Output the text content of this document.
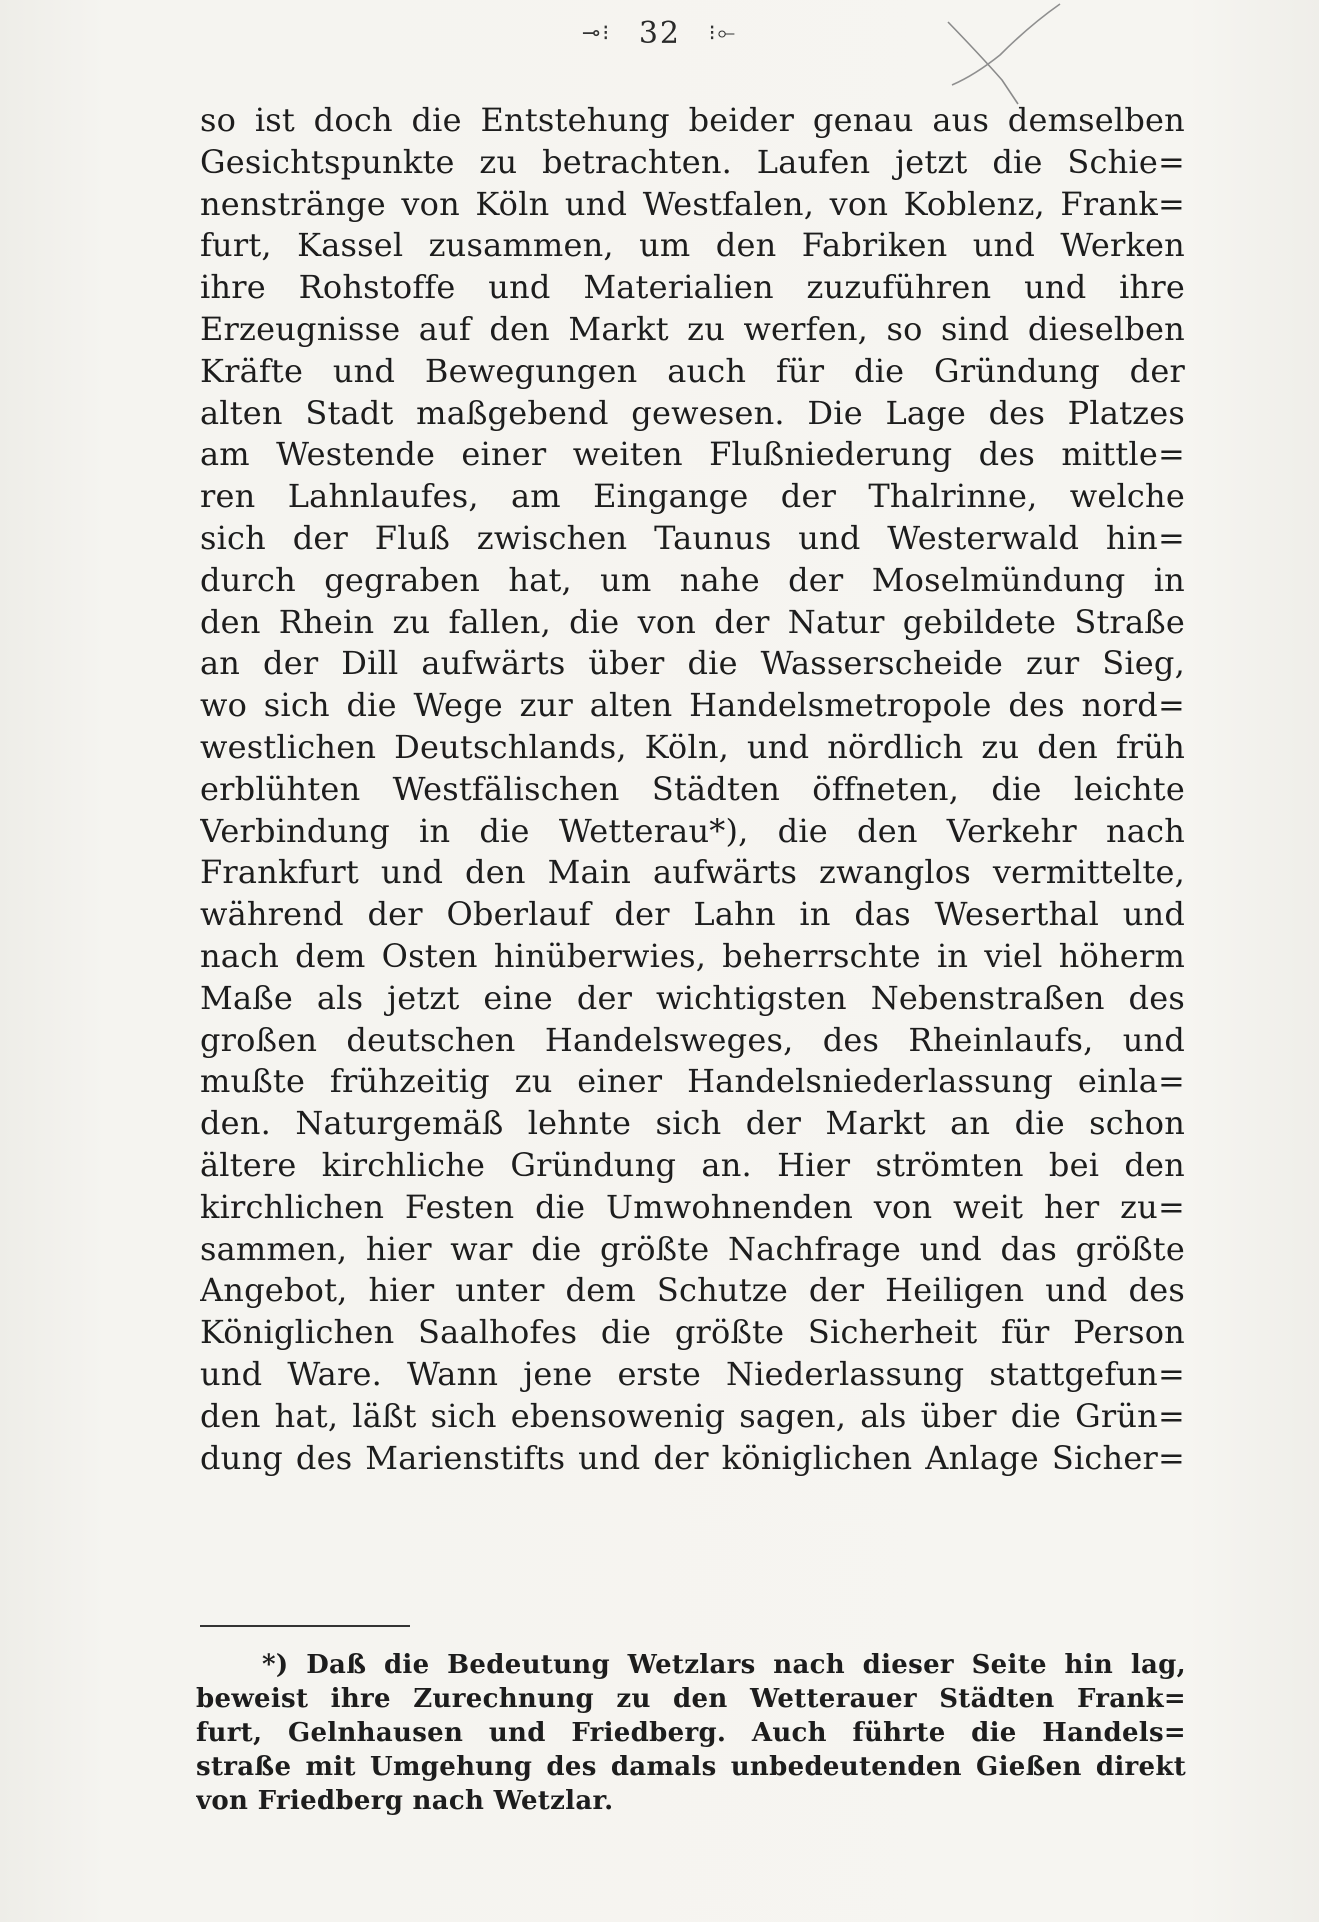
⊸⁝ 32 ⁝⟜
so ist doch die Entstehung beider genau aus demselben
Gesichtspunkte zu betrachten. Laufen jetzt die Schie=
nenstränge von Köln und Westfalen, von Koblenz, Frank=
furt, Kassel zusammen, um den Fabriken und Werken
ihre Rohstoffe und Materialien zuzuführen und ihre
Erzeugnisse auf den Markt zu werfen, so sind dieselben
Kräfte und Bewegungen auch für die Gründung der
alten Stadt maßgebend gewesen. Die Lage des Platzes
am Westende einer weiten Flußniederung des mittle=
ren Lahnlaufes, am Eingange der Thalrinne, welche
sich der Fluß zwischen Taunus und Westerwald hin=
durch gegraben hat, um nahe der Moselmündung in
den Rhein zu fallen, die von der Natur gebildete Straße
an der Dill aufwärts über die Wasserscheide zur Sieg,
wo sich die Wege zur alten Handelsmetropole des nord=
westlichen Deutschlands, Köln, und nördlich zu den früh
erblühten Westfälischen Städten öffneten, die leichte
Verbindung in die Wetterau*), die den Verkehr nach
Frankfurt und den Main aufwärts zwanglos vermittelte,
während der Oberlauf der Lahn in das Weserthal und
nach dem Osten hinüberwies, beherrschte in viel höherm
Maße als jetzt eine der wichtigsten Nebenstraßen des
großen deutschen Handelsweges, des Rheinlaufs, und
mußte frühzeitig zu einer Handelsniederlassung einla=
den. Naturgemäß lehnte sich der Markt an die schon
ältere kirchliche Gründung an. Hier strömten bei den
kirchlichen Festen die Umwohnenden von weit her zu=
sammen, hier war die größte Nachfrage und das größte
Angebot, hier unter dem Schutze der Heiligen und des
Königlichen Saalhofes die größte Sicherheit für Person
und Ware. Wann jene erste Niederlassung stattgefun=
den hat, läßt sich ebensowenig sagen, als über die Grün=
dung des Marienstifts und der königlichen Anlage Sicher=
*) Daß die Bedeutung Wetzlars nach dieser Seite hin lag,
beweist ihre Zurechnung zu den Wetterauer Städten Frank=
furt, Gelnhausen und Friedberg. Auch führte die Handels=
straße mit Umgehung des damals unbedeutenden Gießen direkt
von Friedberg nach Wetzlar.
